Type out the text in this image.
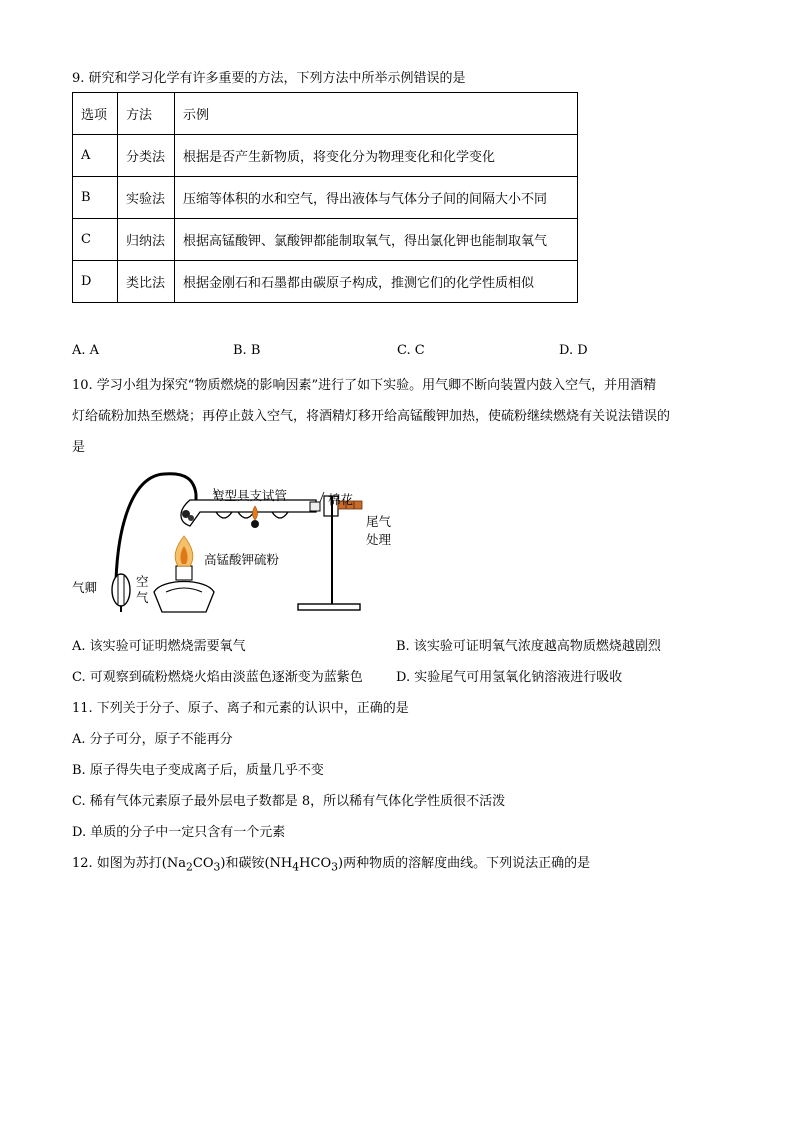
9. 研究和学习化学有许多重要的方法，下列方法中所举示例错误的是
选项	方法	示例
A	分类法	根据是否产生新物质，将变化分为物理变化和化学变化
B	实验法	压缩等体积的水和空气，得出液体与气体分子间的间隔大小不同
C	归纳法	根据高锰酸钾、氯酸钾都能制取氧气，得出氯化钾也能制取氧气
D	类比法	根据金刚石和石墨都由碳原子构成，推测它们的化学性质相似
A. A	B. B	C. C	D. D
10. 学习小组为探究“物质燃烧的影响因素”进行了如下实验。用气卿不断向装置内鼓入空气，并用酒精
灯给硫粉加热至燃烧；再停止鼓入空气，将酒精灯移开给高锰酸钾加热，使硫粉继续燃烧有关说法错误的
是
气卿	空
气
弯型具支试管	棉花
尾气
处理
高锰酸钾 硫粉
A. 该实验可证明燃烧需要氧气	B. 该实验可证明氧气浓度越高物质燃烧越剧烈
C. 可观察到硫粉燃烧火焰由淡蓝色逐渐变为蓝紫色	D. 实验尾气可用氢氧化钠溶液进行吸收
11. 下列关于分子、原子、离子和元素的认识中，正确的是
A. 分子可分，原子不能再分
B. 原子得失电子变成离子后，质量几乎不变
C. 稀有气体元素原子最外层电子数都是 8，所以稀有气体化学性质很不活泼
D. 单质的分子中一定只含有一个元素
12. 如图为苏打$(Na_2CO_3)$和碳铵$(NH_4HCO_3)$两种物质的溶解度曲线。下列说法正确的是
